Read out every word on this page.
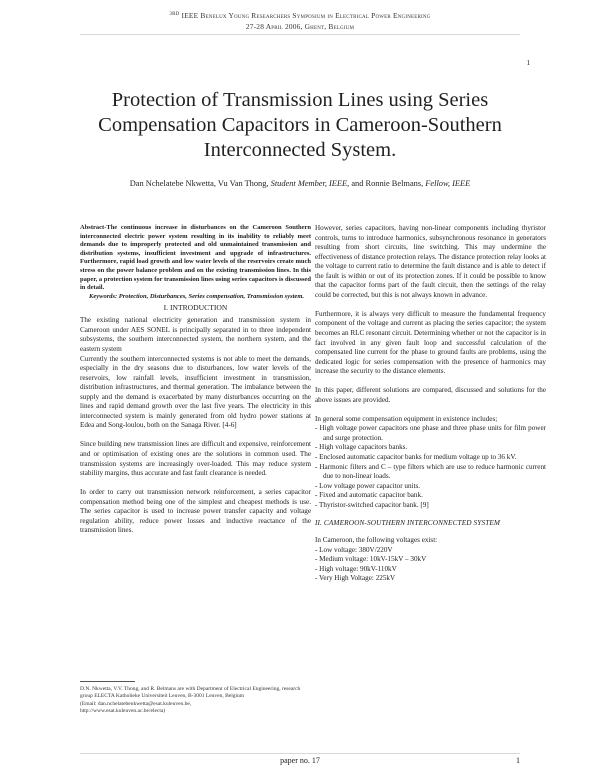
$^{3RD}$ IEEE Benelux Young Researchers Symposium in Electrical Power Engineering
27-28 April 2006, Ghent, Belgium
1
Protection of Transmission Lines using Series Compensation Capacitors in Cameroon-Southern Interconnected System.
Dan Nchelatebe Nkwetta, Vu Van Thong, Student Member, IEEE, and Ronnie Belmans, Fellow, IEEE

Abstract-The continuous increase in disturbances on the Cameroon Southern interconnected electric power system resulting in its inability to reliably meet demands due to improperly protected and old unmaintained transmission and distribution systems, insufficient investment and upgrade of infrastructures. Furthermore, rapid load growth and low water levels of the reservoirs create much stress on the power balance problem and on the existing transmission lines. In this paper, a protection system for transmission lines using series capacitors is discussed in detail.

Keywords: Protection, Disturbances, Series compensation, Transmission system.

I. INTRODUCTION

The existing national electricity generation and transmission system in Cameroon under AES SONEL is principally separated in to three independent subsystems, the southern interconnected system, the northern system, and the eastern system

Currently the southern interconnected systems is not able to meet the demands, especially in the dry seasons due to disturbances, low water levels of the reservoirs, low rainfall levels, insufficient investment in transmission, distribution infrastructures, and thermal generation. The imbalance between the supply and the demand is exacerbated by many disturbances occurring on the lines and rapid demand growth over the last five years. The electricity in this interconnected system is mainly generated from old hydro power stations at Edea and Song-loulou, both on the Sanaga River. [4-6]

Since building new transmission lines are difficult and expensive, reinforcement and or optimisation of existing ones are the solutions in common used. The transmission systems are increasingly over-loaded. This may reduce system stability margins, thus accurate and fast fault clearance is needed.

In order to carry out transmission network reinforcement, a series capacitor compensation method being one of the simplest and cheapest methods is use. The series capacitor is used to increase power transfer capacity and voltage regulation ability, reduce power losses and inductive reactance of the transmission lines.

D.N. Nkwetta, V.V. Thong, and R. Belmans are with Department of Electrical Engineering, research group ELECTA Katholieke Universiteit Leuven, B-3001 Leuven, Belgium

(Email: dan.nchelatebenkwetta@esat.kuleuven.be,

http://www.esat.kuleuven.ac.be/electa)

However, series capacitors, having non-linear components including thyristor controls, turns to introduce harmonics, subsynchronous resonance in generators resulting from short circuits, line switching. This may undermine the effectiveness of distance protection relays. The distance protection relay looks at the voltage to current ratio to determine the fault distance and is able to detect if the fault is within or out of its protection zones. If it could be possible to know that the capacitor forms part of the fault circuit, then the settings of the relay could be corrected, but this is not always known in advance.

Furthermore, it is always very difficult to measure the fundamental frequency component of the voltage and current as placing the series capacitor; the system becomes an RLC resonant circuit. Determining whether or not the capacitor is in fact involved in any given fault loop and successful calculation of the compensated line current for the phase to ground faults are problems, using the dedicated logic for series compensation with the presence of harmonics may increase the security to the distance elements.

In this paper, different solutions are compared, discussed and solutions for the above issues are provided.

In general some compensation equipment in existence includes;

- High voltage power capacitors one phase and three phase units for film power and surge protection.
- High voltage capacitors banks.
- Enclosed automatic capacitor banks for medium voltage up to 36 kV.
- Harmonic filters and C – type filters which are use to reduce harmonic current due to non-linear loads.
- Low voltage power capacitor units.
- Fixed and automatic capacitor bank.
- Thyristor-switched capacitor bank. [9]
II. CAMEROON-SOUTHERN INTERCONNECTED SYSTEM

In Cameroon, the following voltages exist:

- Low voltage: 380V/220V
- Medium voltage: 10kV-15kV – 30kV
- High voltage: 90kV-110kV
- Very High Voltage: 225kV
paper no. 17	1
